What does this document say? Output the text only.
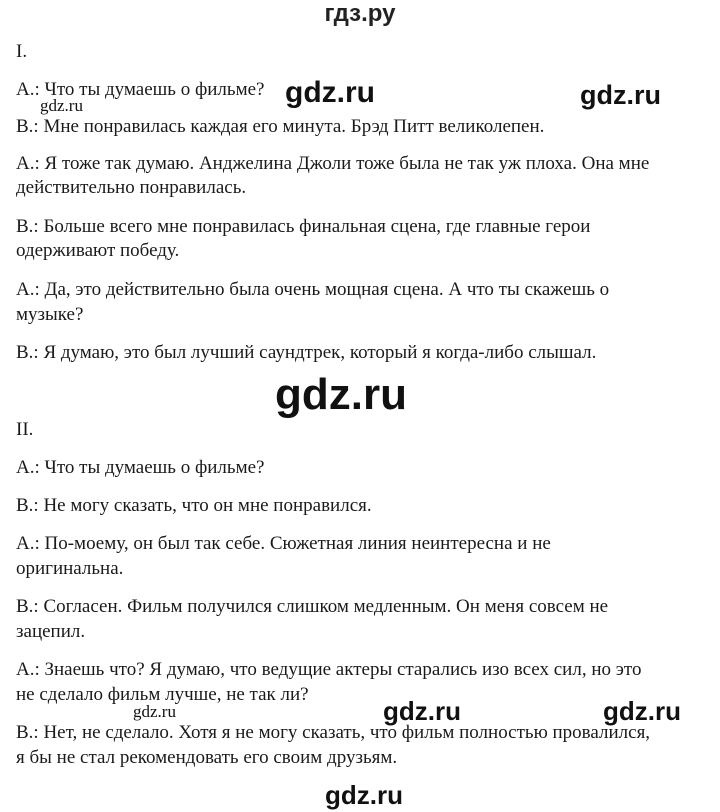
гдз.ру
I.
А.: Что ты думаешь о фильме?
В.: Мне понравилась каждая его минута. Брэд Питт великолепен.
А.: Я тоже так думаю. Анджелина Джоли тоже была не так уж плоха. Она мне
действительно понравилась.
В.: Больше всего мне понравилась финальная сцена, где главные герои
одерживают победу.
А.: Да, это действительно была очень мощная сцена. А что ты скажешь о
музыке?
В.: Я думаю, это был лучший саундтрек, который я когда-либо слышал.
II.
А.: Что ты думаешь о фильме?
В.: Не могу сказать, что он мне понравился.
А.: По-моему, он был так себе. Сюжетная линия неинтересна и не
оригинальна.
В.: Согласен. Фильм получился слишком медленным. Он меня совсем не
зацепил.
А.: Знаешь что? Я думаю, что ведущие актеры старались изо всех сил, но это
не сделало фильм лучше, не так ли?
В.: Нет, не сделало. Хотя я не могу сказать, что фильм полностью провалился,
я бы не стал рекомендовать его своим друзьям.
gdz.ru	gdz.ru
gdz.ru
gdz.ru
gdz.ru	gdz.ru	gdz.ru
gdz.ru
